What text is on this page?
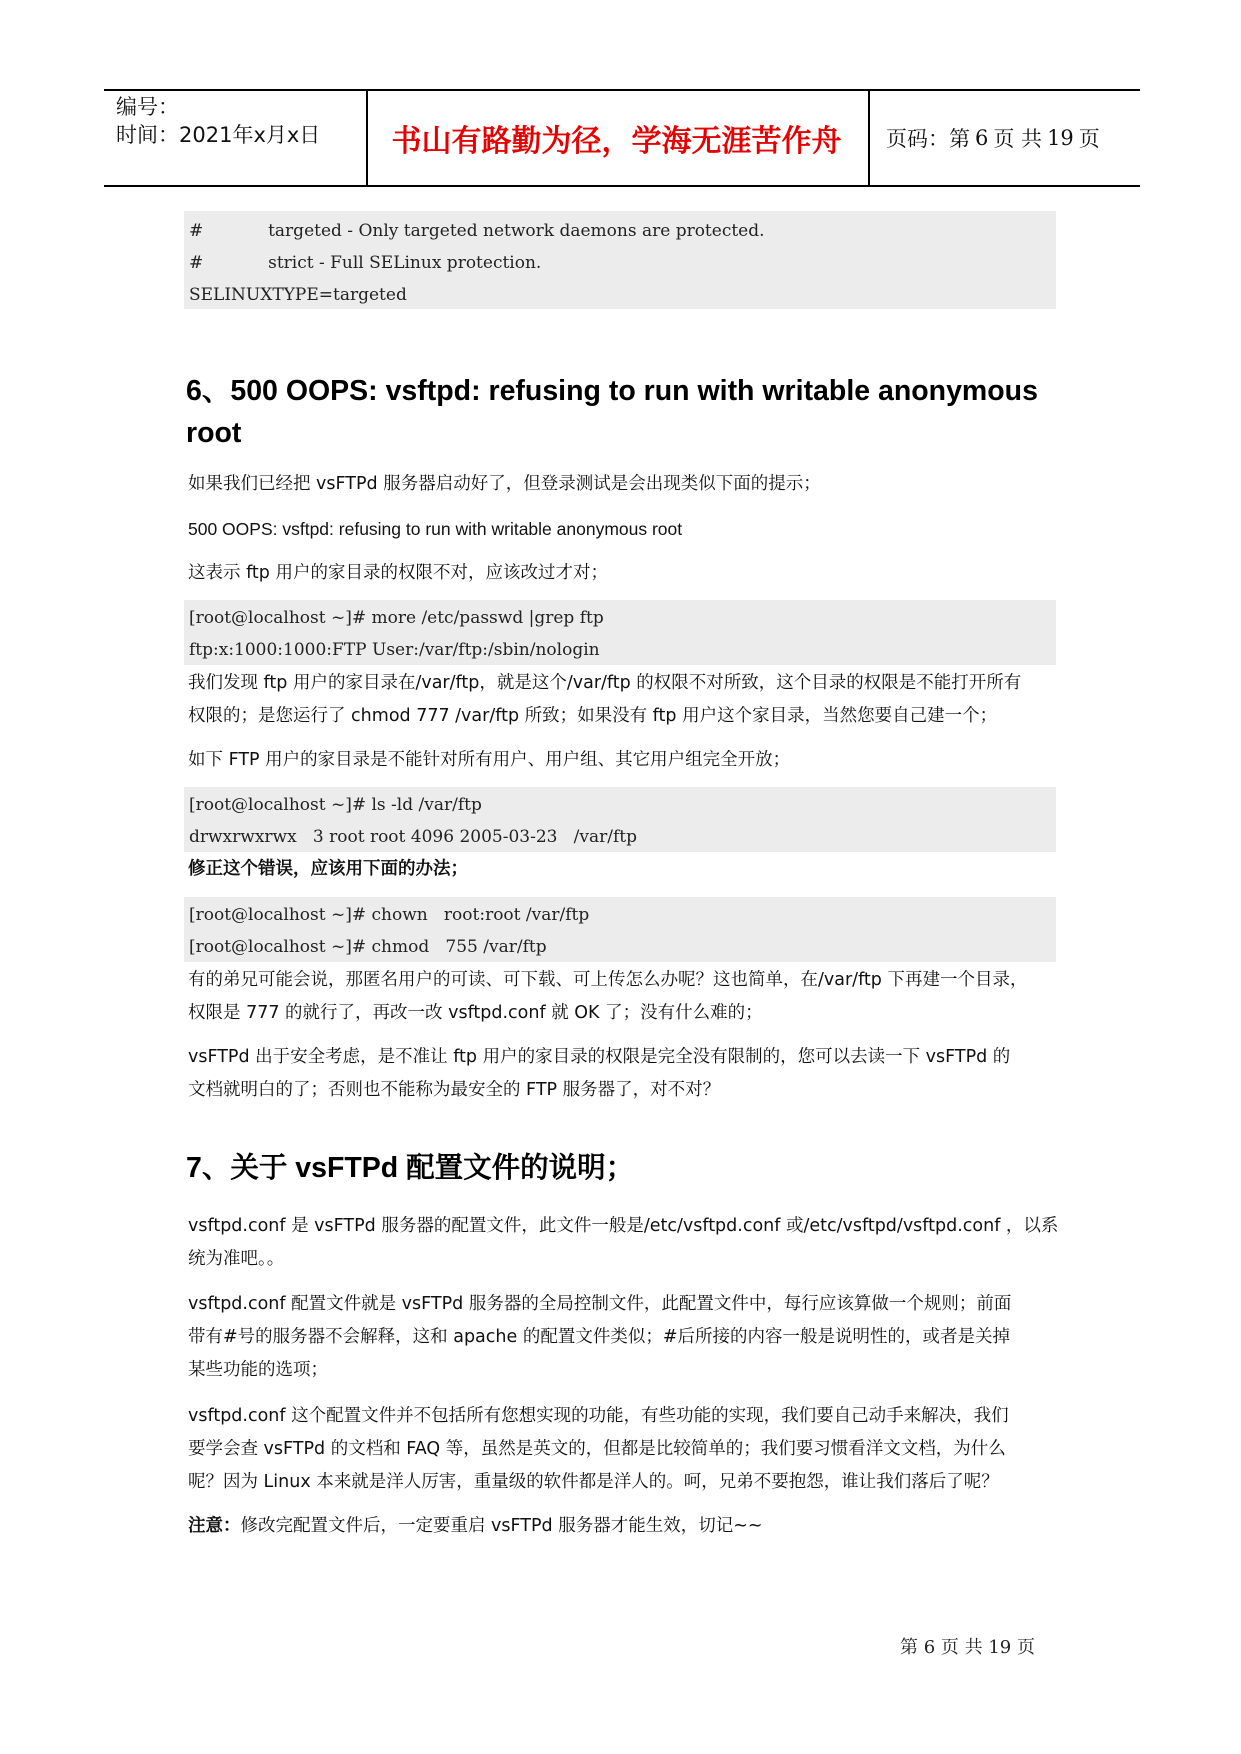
编号：
时间：2021年x月x日	书山有路勤为径，学海无涯苦作舟	页码：第 6 页 共 19 页
#            targeted - Only targeted network daemons are protected.
#            strict - Full SELinux protection.
SELINUXTYPE=targeted
6、500 OOPS: vsftpd: refusing to run with writable anonymous
root
如果我们已经把 vsFTPd 服务器启动好了，但登录测试是会出现类似下面的提示；
500 OOPS: vsftpd: refusing to run with writable anonymous root
这表示 ftp 用户的家目录的权限不对，应该改过才对；
[root@localhost ~]# more /etc/passwd |grep ftp
ftp:x:1000:1000:FTP User:/var/ftp:/sbin/nologin
我们发现 ftp 用户的家目录在/var/ftp，就是这个/var/ftp 的权限不对所致，这个目录的权限是不能打开所有
权限的；是您运行了 chmod 777 /var/ftp 所致；如果没有 ftp 用户这个家目录，当然您要自己建一个；
如下 FTP 用户的家目录是不能针对所有用户、用户组、其它用户组完全开放；
[root@localhost ~]# ls -ld /var/ftp
drwxrwxrwx   3 root root 4096 2005-03-23   /var/ftp
修正这个错误，应该用下面的办法；
[root@localhost ~]# chown   root:root /var/ftp
[root@localhost ~]# chmod   755 /var/ftp
有的弟兄可能会说，那匿名用户的可读、可下载、可上传怎么办呢？这也简单，在/var/ftp 下再建一个目录，
权限是 777 的就行了，再改一改 vsftpd.conf 就 OK 了；没有什么难的；
vsFTPd 出于安全考虑，是不准让 ftp 用户的家目录的权限是完全没有限制的，您可以去读一下 vsFTPd 的
文档就明白的了；否则也不能称为最安全的 FTP 服务器了，对不对？
7、关于 vsFTPd 配置文件的说明；
vsftpd.conf 是 vsFTPd 服务器的配置文件，此文件一般是/etc/vsftpd.conf 或/etc/vsftpd/vsftpd.conf ，以系
统为准吧。。
vsftpd.conf 配置文件就是 vsFTPd 服务器的全局控制文件，此配置文件中，每行应该算做一个规则；前面
带有#号的服务器不会解释，这和 apache 的配置文件类似；#后所接的内容一般是说明性的，或者是关掉
某些功能的选项；
vsftpd.conf 这个配置文件并不包括所有您想实现的功能，有些功能的实现，我们要自己动手来解决，我们
要学会查 vsFTPd 的文档和 FAQ 等，虽然是英文的，但都是比较简单的；我们要习惯看洋文文档，为什么
呢？因为 Linux 本来就是洋人厉害，重量级的软件都是洋人的。呵，兄弟不要抱怨，谁让我们落后了呢？
注意：修改完配置文件后，一定要重启 vsFTPd 服务器才能生效，切记~~
第 6 页 共 19 页
